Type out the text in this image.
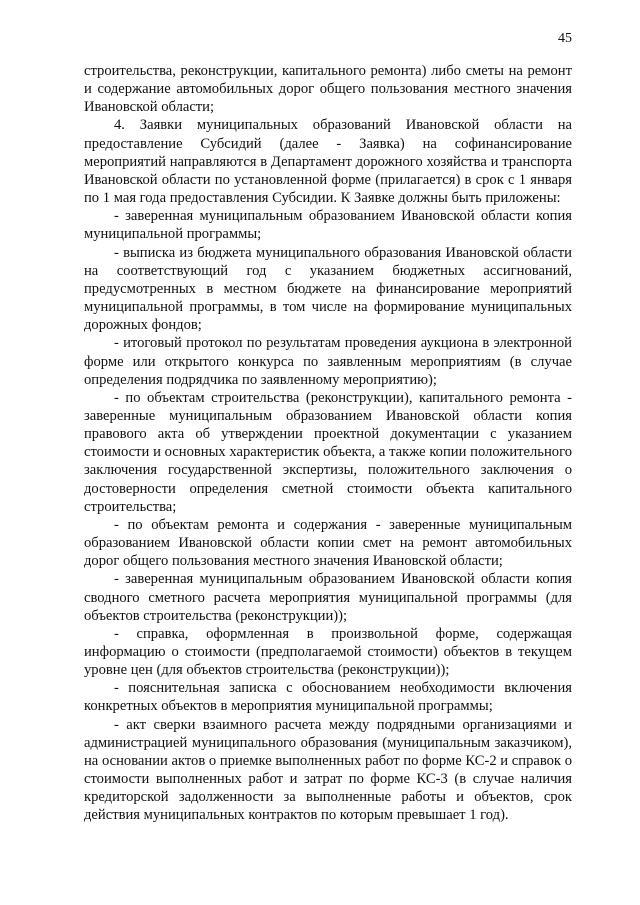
45

строительства, реконструкции, капитального ремонта) либо сметы на ремонт и содержание автомобильных дорог общего пользования местного значения Ивановской области;

4. Заявки муниципальных образований Ивановской области на предоставление Субсидий (далее - Заявка) на софинансирование мероприятий направляются в Департамент дорожного хозяйства и транспорта Ивановской области по установленной форме (прилагается) в срок с 1 января по 1 мая года предоставления Субсидии. К Заявке должны быть приложены:

- заверенная муниципальным образованием Ивановской области копия муниципальной программы;

- выписка из бюджета муниципального образования Ивановской области на соответствующий год с указанием бюджетных ассигнований, предусмотренных в местном бюджете на финансирование мероприятий муниципальной программы, в том числе на формирование муниципальных дорожных фондов;

- итоговый протокол по результатам проведения аукциона в электронной форме или открытого конкурса по заявленным мероприятиям (в случае определения подрядчика по заявленному мероприятию);

- по объектам строительства (реконструкции), капитального ремонта - заверенные муниципальным образованием Ивановской области копия правового акта об утверждении проектной документации с указанием стоимости и основных характеристик объекта, а также копии положительного заключения государственной экспертизы, положительного заключения о достоверности определения сметной стоимости объекта капитального строительства;

- по объектам ремонта и содержания - заверенные муниципальным образованием Ивановской области копии смет на ремонт автомобильных дорог общего пользования местного значения Ивановской области;

- заверенная муниципальным образованием Ивановской области копия сводного сметного расчета мероприятия муниципальной программы (для объектов строительства (реконструкции));

- справка, оформленная в произвольной форме, содержащая информацию о стоимости (предполагаемой стоимости) объектов в текущем уровне цен (для объектов строительства (реконструкции));

- пояснительная записка с обоснованием необходимости включения конкретных объектов в мероприятия муниципальной программы;

- акт сверки взаимного расчета между подрядными организациями и администрацией муниципального образования (муниципальным заказчиком), на основании актов о приемке выполненных работ по форме КС-2 и справок о стоимости выполненных работ и затрат по форме КС-3 (в случае наличия кредиторской задолженности за выполненные работы и объектов, срок действия муниципальных контрактов по которым превышает 1 год).
